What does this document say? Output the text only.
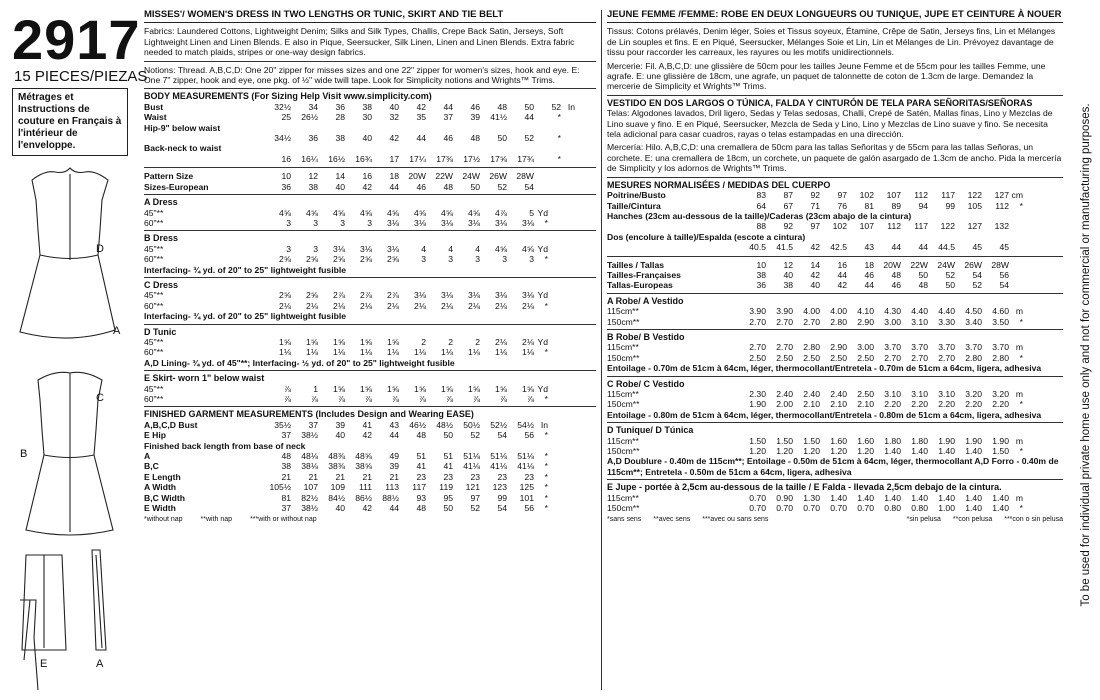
2917
15 PIECES/PIEZAS
Métrages et Instructions de couture en Français à l'intérieur de l'enveloppe.
D
A
C
B
E	A
MISSES'/ WOMEN'S DRESS IN TWO LENGTHS OR TUNIC, SKIRT AND TIE BELT
Fabrics: Laundered Cottons, Lightweight Denim; Silks and Silk Types, Challis, Crepe Back Satin, Jerseys, Soft Lightweight Linen and Linen Blends. E also in Pique, Seersucker, Silk Linen, Linen and Linen Blends. Extra fabric needed to match plaids, stripes or one-way design fabrics.
Notions: Thread. A,B,C,D: One 20" zipper for misses sizes and one 22" zipper for women's sizes, hook and eye. E: One 7" zipper, hook and eye, one pkg. of ½" wide twill tape. Look for Simplicity notions and Wrights™ Trims.
BODY MEASUREMENTS (For Sizing Help Visit www.simplicity.com)
Bust	32½	34	36	38	40	42	44	46	48	50	52 In
Waist	25	26½	28	30	32	35	37	39	41½	44	*
Hip-9" below waist
34½	36	38	40	42	44	46	48	50	52	*
Back-neck to waist
16	16¼	16½	16¾	17	17¼	17⅜	17½	17⅝	17¾	*
Pattern Size	10	12	14	16	18	20W	22W	24W	26W	28W
Sizes-European	36	38	40	42	44	46	48	50	52	54
A Dress
45"**	4⅝	4⅝	4⅝	4⅝	4⅝	4⅝	4⅝	4⅝	4⅞	5 Yd
60"**	3	3	3	3	3⅛	3⅛	3⅛	3⅛	3⅛	3⅛	*
B Dress
45"**	3	3	3⅛	3⅛	3⅛	4	4	4	4⅝	4⅝ Yd
60"**	2⅝	2⅝	2⅝	2⅝	2⅝	3	3	3	3	3	*
Interfacing- ¾ yd. of 20" to 25" lightweight fusible
C Dress
45"**	2⅝	2⅝	2⅞	2⅞	2⅞	3⅛	3⅛	3⅛	3⅛	3⅛ Yd
60"**	2⅛	2⅛	2⅛	2⅛	2⅛	2⅛	2⅛	2⅛	2⅛	2⅛	*
Interfacing- ¾ yd. of 20" to 25" lightweight fusible
D Tunic
45"**	1⅝	1⅝	1⅝	1⅝	1⅝	2	2	2	2⅛	2⅛ Yd
60"**	1⅛	1⅛	1⅛	1⅛	1⅛	1⅛	1⅛	1⅛	1⅛	1⅛	*
A,D Lining- ¾ yd. of 45"**; Interfacing- ½ yd. of 20" to 25" lightweight fusible
E Skirt- worn 1" below waist
45"**	⅞	1	1⅝	1⅝	1⅝	1⅝	1⅝	1⅝	1⅝	1⅝ Yd
60"**	⅞	⅞	⅞	⅞	⅞	⅞	⅞	⅞	⅞	⅞	*
FINISHED GARMENT MEASUREMENTS (Includes Design and Wearing EASE)
A,B,C,D Bust	35½	37	39	41	43	46½	48½	50½	52½	54½ In
E Hip	37	38½	40	42	44	48	50	52	54	56	*
Finished back length from base of neck
A	48	48⅛	48⅜	48⅝	49	51	51	51⅛	51⅛	51⅛	*
B,C	38	38⅛	38⅜	38⅝	39	41	41	41⅛	41⅛	41⅛	*
E Length	21	21	21	21	21	23	23	23	23	23	*
A Width	105½	107	109	111	113	117	119	121	123	125	*
B,C Width	81	82½	84½	86½	88½	93	95	97	99	101	*
E Width	37	38½	40	42	44	48	50	52	54	56	*
*without nap	**with nap	***with or without nap
JEUNE FEMME /FEMME: ROBE EN DEUX LONGUEURS OU TUNIQUE, JUPE ET CEINTURE À NOUER
Tissus: Cotons prélavés, Denim léger, Soies et Tissus soyeux, Étamine, Crêpe de Satin, Jerseys fins, Lin et Mélanges de Lin souples et fins. E en Piqué, Seersucker, Mélanges Soie et Lin, Lin et Mélanges de Lin. Prévoyez davantage de tissu pour raccorder les carreaux, les rayures ou les motifs unidirectionnels.
Mercerie: Fil. A,B,C,D: une glissière de 50cm pour les tailles Jeune Femme et de 55cm pour les tailles Femme, une agrafe. E: une glissière de 18cm, une agrafe, un paquet de talonnette de coton de 1.3cm de large. Demandez la mercerie de Simplicity et Wrights™ Trims.
VESTIDO EN DOS LARGOS O TÚNICA, FALDA Y CINTURÓN DE TELA PARA SEÑORITAS/SEÑORAS
Telas: Algodones lavados, Dril ligero, Sedas y Telas sedosas, Challi, Crepé de Satén, Mallas finas, Lino y Mezclas de Lino suave y fino. E en Piqué, Seersucker, Mezcla de Seda y Lino, Lino y Mezclas de Lino suave y fino. Se necesita tela adicional para casar cuadros, rayas o telas estampadas en una dirección.
Mercería: Hilo. A,B,C,D: una cremallera de 50cm para las tallas Señoritas y de 55cm para las tallas Señoras, un corchete. E: una cremallera de 18cm, un corchete, un paquete de galón asargado de 1.3cm de ancho. Pida la mercería de Simplicity y los adornos de Wrights™ Trims.
MESURES NORMALISÉES / MEDIDAS DEL CUERPO
Poitrine/Busto	83	87	92	97	102	107	112	117	122	127 cm
Taille/Cintura	64	67	71	76	81	89	94	99	105	112	*
Hanches (23cm au-dessous de la taille)/Caderas (23cm abajo de la cintura)
88	92	97	102	107	112	117	122	127	132
Dos (encolure à taille)/Espalda (escote a cintura)
40.5	41.5	42	42.5	43	44	44	44.5	45	45
Tailles / Tallas	10	12	14	16	18	20W	22W	24W	26W	28W
Tailles-Françaises	38	40	42	44	46	48	50	52	54	56
Tallas-Europeas	36	38	40	42	44	46	48	50	52	54
A Robe/ A Vestido
115cm**	3.90	3.90	4.00	4.00	4.10	4.30	4.40	4.40	4.50	4.60 m
150cm**	2.70	2.70	2.70	2.80	2.90	3.00	3.10	3.30	3.40	3.50	*
B Robe/ B Vestido
115cm**	2.70	2.70	2.80	2.90	3.00	3.70	3.70	3.70	3.70	3.70 m
150cm**	2.50	2.50	2.50	2.50	2.50	2.70	2.70	2.70	2.80	2.80	*
Entoilage - 0.70m de 51cm à 64cm, léger, thermocollant/Entretela - 0.70m de 51cm a 64cm, ligera, adhesiva
C Robe/ C Vestido
115cm**	2.30	2.40	2.40	2.40	2.50	3.10	3.10	3.10	3.20	3.20 m
150cm**	1.90	2.00	2.10	2.10	2.10	2.20	2.20	2.20	2.20	2.20	*
Entoilage - 0.80m de 51cm à 64cm, léger, thermocollant/Entretela - 0.80m de 51cm a 64cm, ligera, adhesiva
D Tunique/ D Túnica
115cm**	1.50	1.50	1.50	1.60	1.60	1.80	1.80	1.90	1.90	1.90 m
150cm**	1.20	1.20	1.20	1.20	1.20	1.40	1.40	1.40	1.40	1.50	*
A,D Doublure - 0.40m de 115cm**; Entoilage - 0.50m de 51cm à 64cm, léger, thermocollant A,D Forro - 0.40m de 115cm**; Entretela - 0.50m de 51cm a 64cm, ligera, adhesiva
E Jupe - portée à 2,5cm au-dessous de la taille / E Falda - llevada 2,5cm debajo de la cintura.
115cm**	0.70	0.90	1.30	1.40	1.40	1.40	1.40	1.40	1.40	1.40 m
150cm**	0.70	0.70	0.70	0.70	0.70	0.80	0.80	1.00	1.40	1.40	*
*sans sens **avec sens ***avec ou sans sens	*sin pelusa **con pelusa ***con o sin pelusa To be used for individual private home use only and not for commercial or manufacturing purposes.
